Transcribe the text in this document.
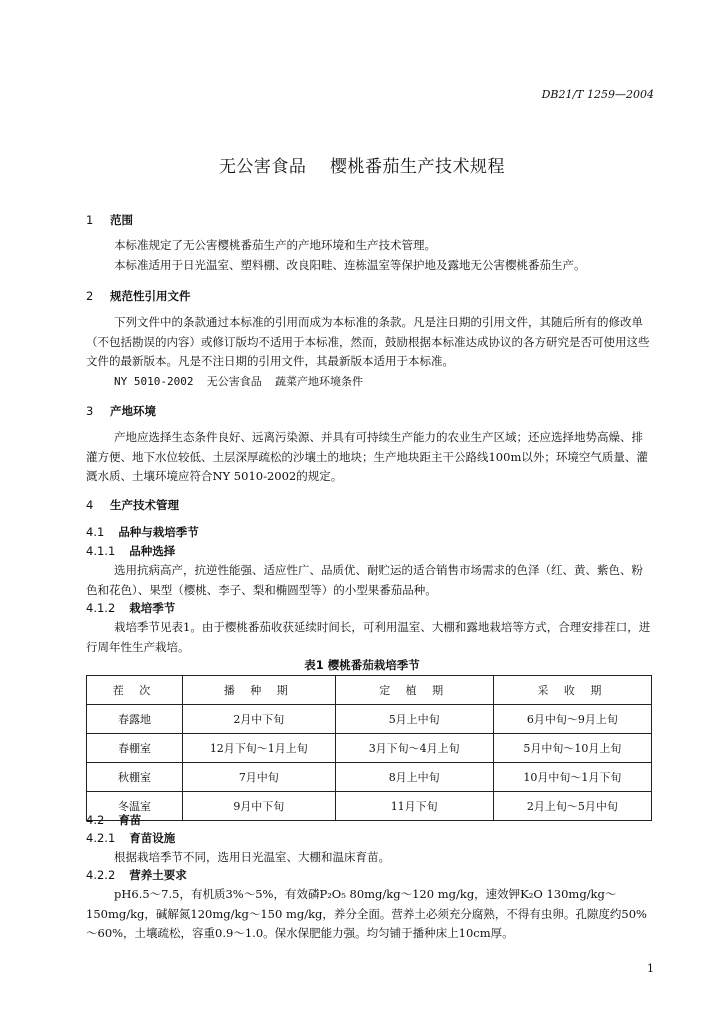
DB21/T 1259—2004
无公害食品    樱桃番茄生产技术规程
1 范围

本标准规定了无公害樱桃番茄生产的产地环境和生产技术管理。

本标准适用于日光温室、塑料棚、改良阳畦、连栋温室等保护地及露地无公害樱桃番茄生产。

2 规范性引用文件

下列文件中的条款通过本标准的引用而成为本标准的条款。凡是注日期的引用文件，其随后所有的修改单（不包括勘误的内容）或修订版均不适用于本标准，然而，鼓励根据本标准达成协议的各方研究是否可使用这些文件的最新版本。凡是不注日期的引用文件，其最新版本适用于本标准。

NY 5010-2002  无公害食品  蔬菜产地环境条件

3 产地环境

产地应选择生态条件良好、远离污染源、并具有可持续生产能力的农业生产区域；还应选择地势高燥、排灌方便、地下水位较低、土层深厚疏松的沙壤土的地块；生产地块距主干公路线100m以外；环境空气质量、灌溉水质、土壤环境应符合NY 5010-2002的规定。

4 生产技术管理
4.1 品种与栽培季节
4.1.1 品种选择

选用抗病高产，抗逆性能强、适应性广、品质优、耐贮运的适合销售市场需求的色泽（红、黄、紫色、粉色和花色）、果型（樱桃、李子、梨和椭圆型等）的小型果番茄品种。

4.1.2 栽培季节

栽培季节见表1。由于樱桃番茄收获延续时间长，可利用温室、大棚和露地栽培等方式，合理安排茬口，进行周年性生产栽培。

表1 樱桃番茄栽培季节
茬 次	播 种 期	定 植 期	采 收 期
春露地	2月中下旬	5月上中旬	6月中旬～9月上旬
春棚室	12月下旬～1月上旬	3月下旬～4月上旬	5月中旬～10月上旬
秋棚室	7月中旬	8月上中旬	10月中旬～1月下旬
冬温室	9月中下旬	11月下旬	2月上旬～5月中旬
4.2 育苗
4.2.1 育苗设施

根据栽培季节不同，选用日光温室、大棚和温床育苗。

4.2.2 营养土要求

pH6.5～7.5，有机质3%～5%，有效磷P₂O₅ 80mg/kg～120 mg/kg，速效钾K₂O 130mg/kg～150mg/kg，碱解氮120mg/kg～150 mg/kg，养分全面。营养土必须充分腐熟，不得有虫卵。孔隙度约50%～60%，土壤疏松，容重0.9～1.0。保水保肥能力强。均匀铺于播种床上10cm厚。

1
